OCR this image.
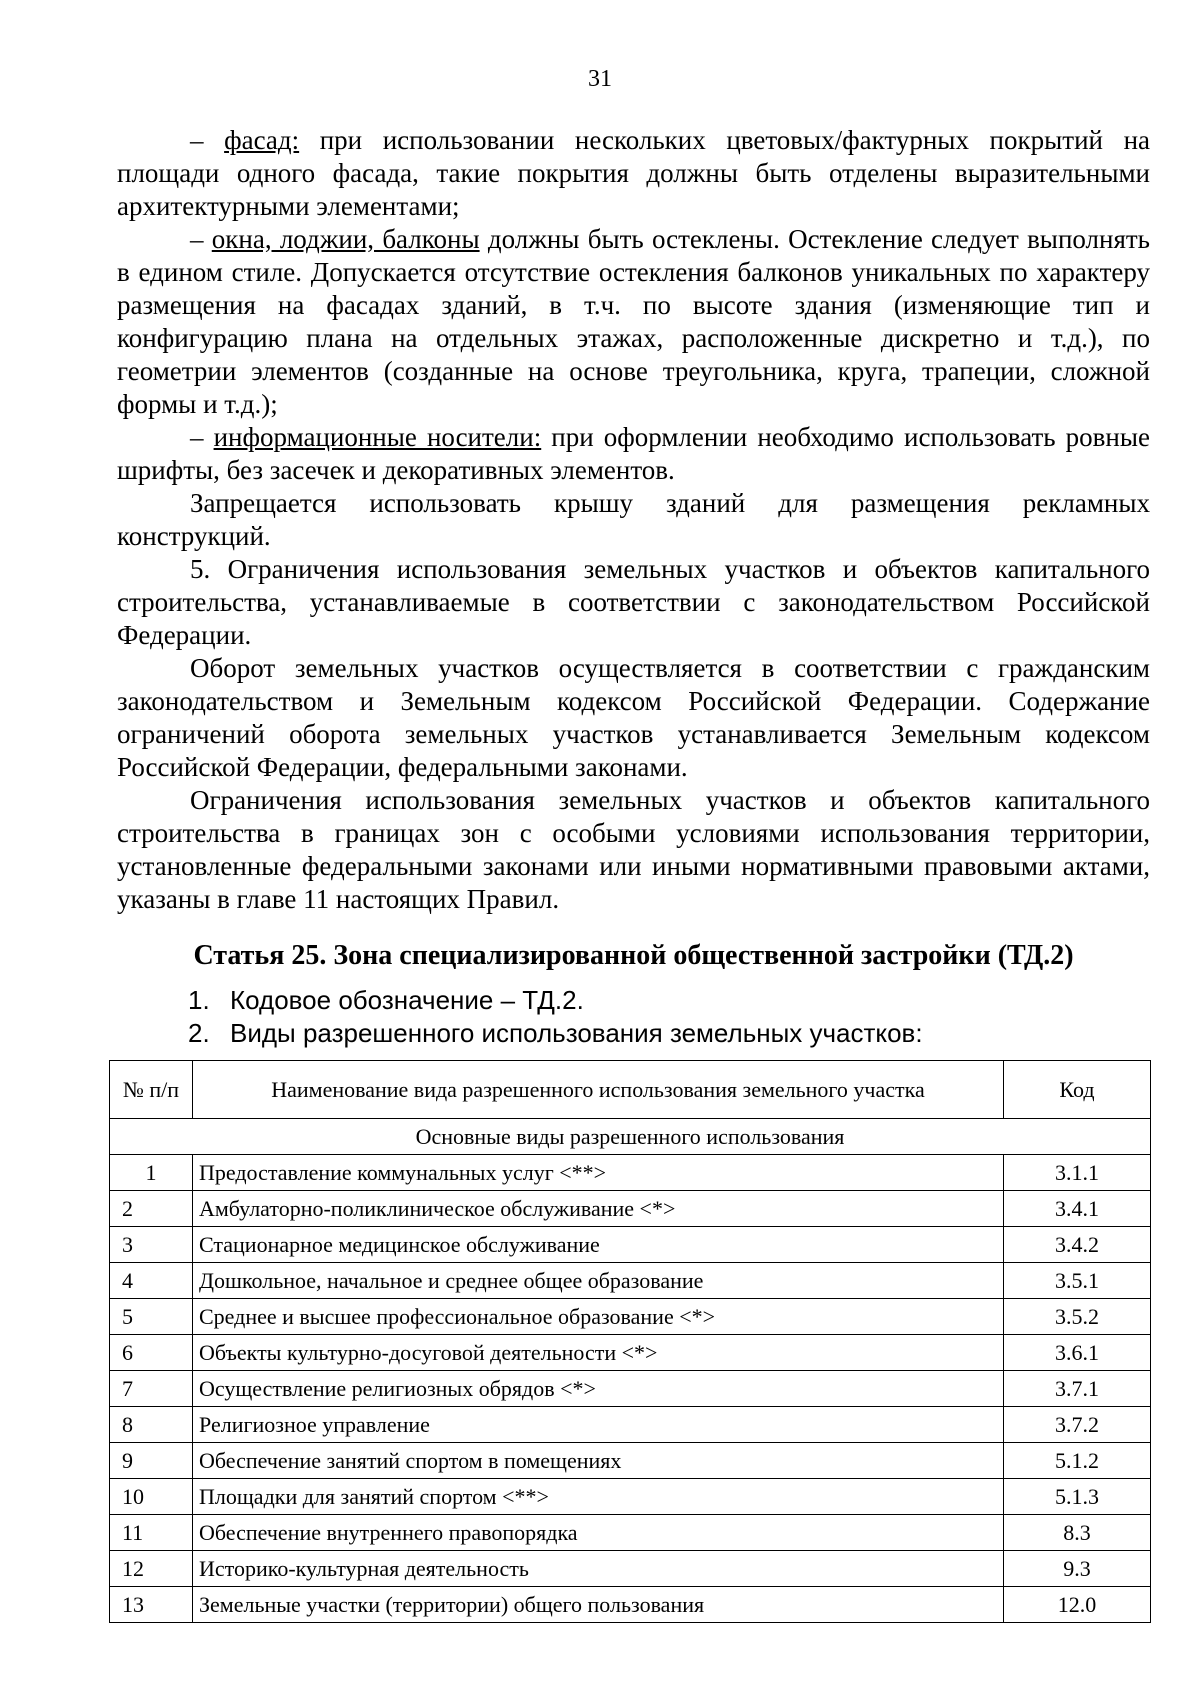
31

– фасад: при использовании нескольких цветовых/фактурных покрытий на площади одного фасада, такие покрытия должны быть отделены выразительными архитектурными элементами;

– окна, лоджии, балконы должны быть остеклены. Остекление следует выполнять в едином стиле. Допускается отсутствие остекления балконов уникальных по характеру размещения на фасадах зданий, в т.ч. по высоте здания (изменяющие тип и конфигурацию плана на отдельных этажах, расположенные дискретно и т.д.), по геометрии элементов (созданные на основе треугольника, круга, трапеции, сложной формы и т.д.);

– информационные носители: при оформлении необходимо использовать ровные шрифты, без засечек и декоративных элементов.

Запрещается использовать крышу зданий для размещения рекламных конструкций.

5. Ограничения использования земельных участков и объектов капитального строительства, устанавливаемые в соответствии с законодательством Российской Федерации.

Оборот земельных участков осуществляется в соответствии с гражданским законодательством и Земельным кодексом Российской Федерации. Содержание ограничений оборота земельных участков устанавливается Земельным кодексом Российской Федерации, федеральными законами.

Ограничения использования земельных участков и объектов капитального строительства в границах зон с особыми условиями использования территории, установленные федеральными законами или иными нормативными правовыми актами, указаны в главе 11 настоящих Правил.

Статья 25. Зона специализированной общественной застройки (ТД.2)
1. Кодовое обозначение – ТД.2.
2. Виды разрешенного использования земельных участков:
№ п/п	Наименование вида разрешенного использования земельного участка	Код
Основные виды разрешенного использования		
1	Предоставление коммунальных услуг <**>	3.1.1
2	Амбулаторно-поликлиническое обслуживание <*>	3.4.1
3	Стационарное медицинское обслуживание	3.4.2
4	Дошкольное, начальное и среднее общее образование	3.5.1
5	Среднее и высшее профессиональное образование <*>	3.5.2
6	Объекты культурно-досуговой деятельности <*>	3.6.1
7	Осуществление религиозных обрядов <*>	3.7.1
8	Религиозное управление	3.7.2
9	Обеспечение занятий спортом в помещениях	5.1.2
10	Площадки для занятий спортом <**>	5.1.3
11	Обеспечение внутреннего правопорядка	8.3
12	Историко-культурная деятельность	9.3
13	Земельные участки (территории) общего пользования	12.0
